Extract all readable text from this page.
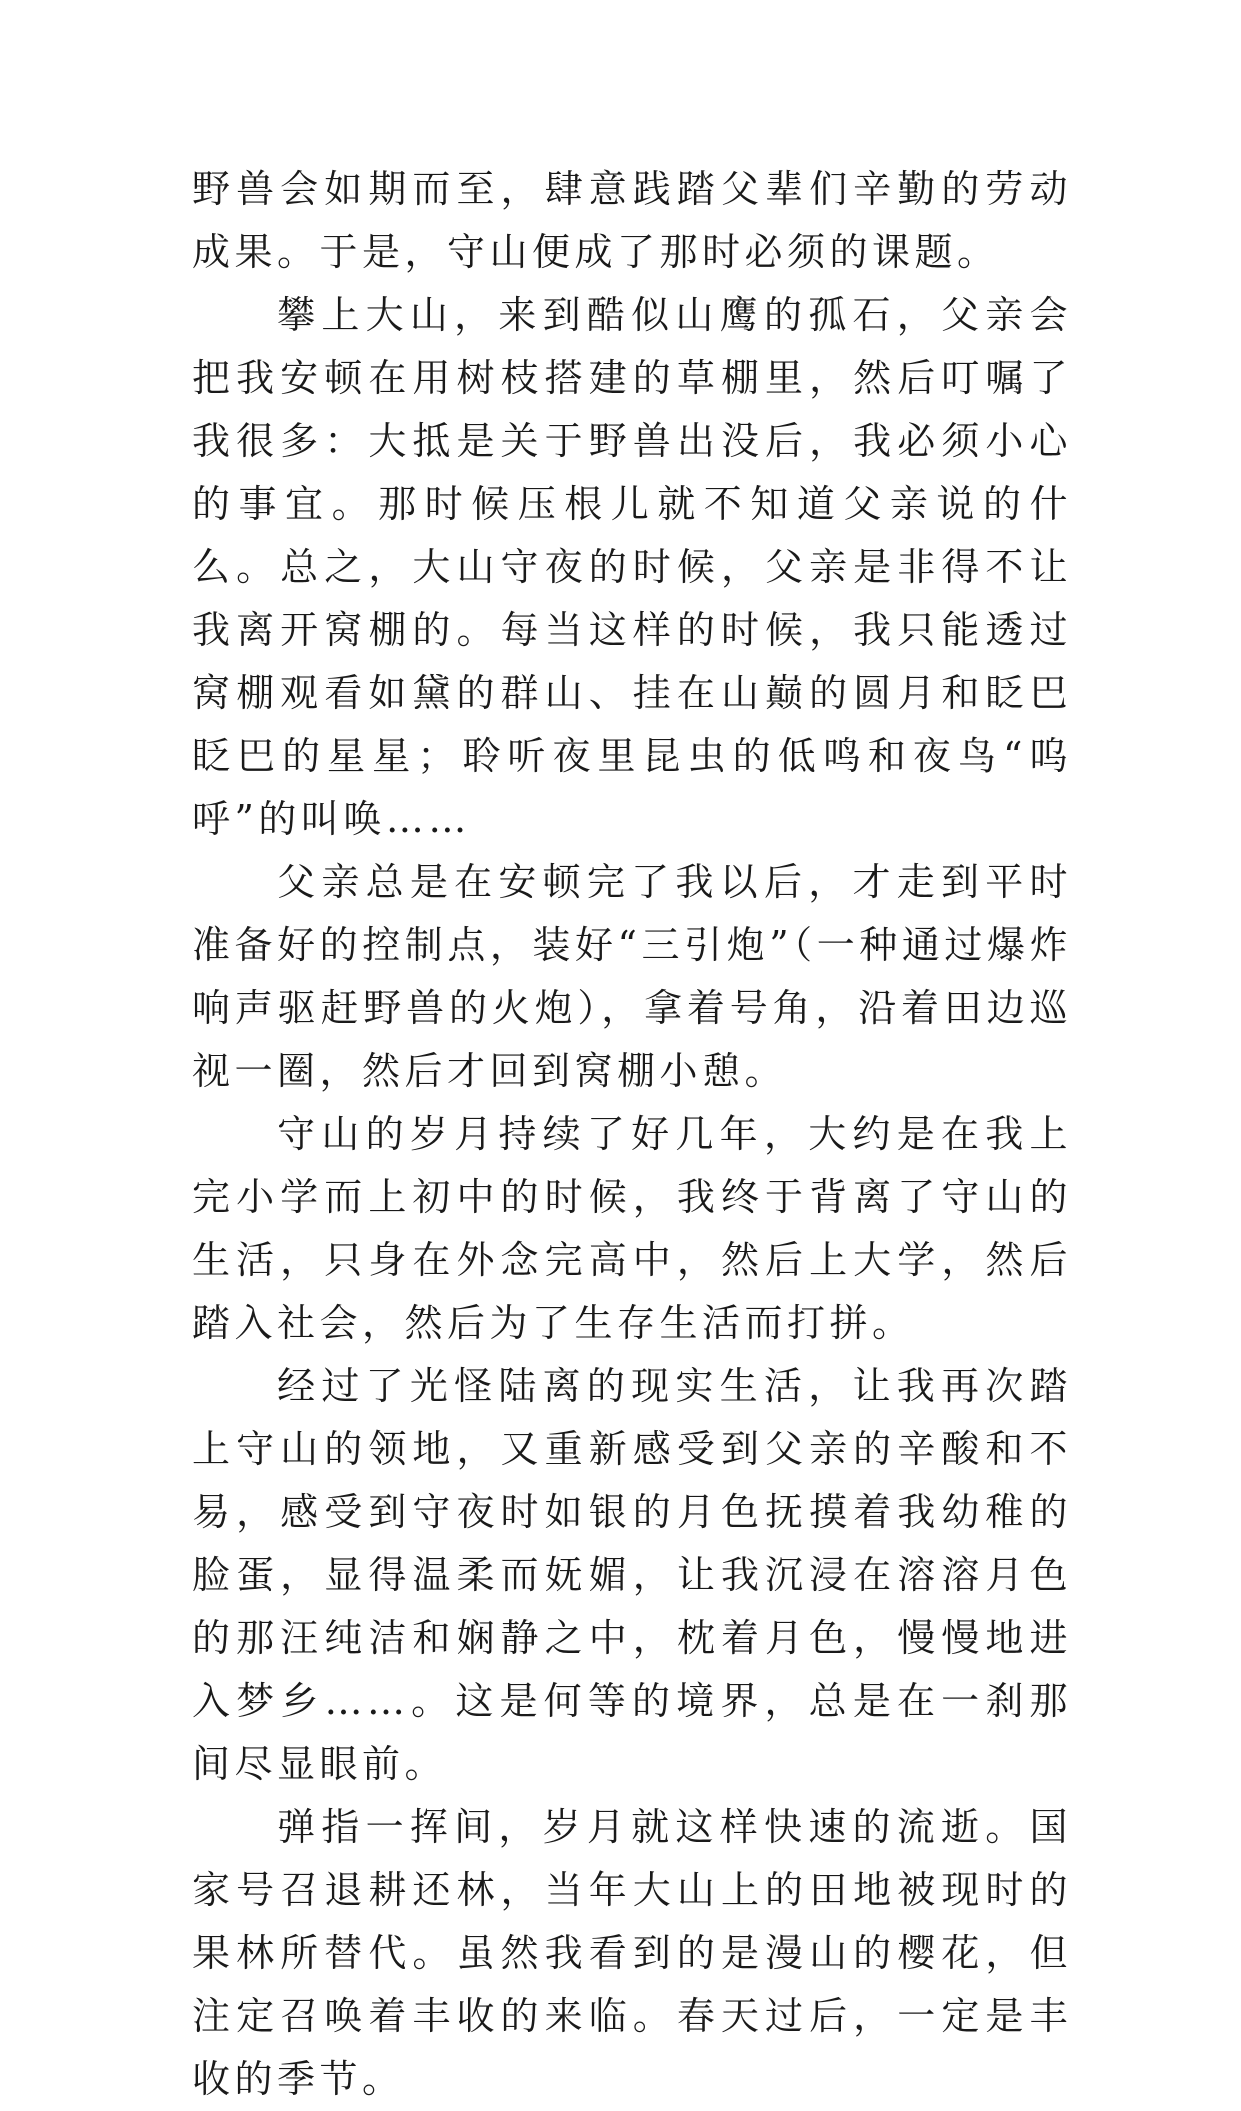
野兽会如期而至，肆意践踏父辈们辛勤的劳动成果。于是，守山便成了那时必须的课题。

攀上大山，来到酷似山鹰的孤石，父亲会把我安顿在用树枝搭建的草棚里，然后叮嘱了我很多：大抵是关于野兽出没后，我必须小心的事宜。那时候压根儿就不知道父亲说的什么。总之，大山守夜的时候，父亲是非得不让我离开窝棚的。每当这样的时候，我只能透过窝棚观看如黛的群山、挂在山巅的圆月和眨巴眨巴的星星；聆听夜里昆虫的低鸣和夜鸟“呜呼”的叫唤……

父亲总是在安顿完了我以后，才走到平时准备好的控制点，装好“三引炮”（一种通过爆炸响声驱赶野兽的火炮），拿着号角，沿着田边巡视一圈，然后才回到窝棚小憩。

守山的岁月持续了好几年，大约是在我上完小学而上初中的时候，我终于背离了守山的生活，只身在外念完高中，然后上大学，然后踏入社会，然后为了生存生活而打拼。

经过了光怪陆离的现实生活，让我再次踏上守山的领地，又重新感受到父亲的辛酸和不易，感受到守夜时如银的月色抚摸着我幼稚的脸蛋，显得温柔而妩媚，让我沉浸在溶溶月色的那汪纯洁和娴静之中，枕着月色，慢慢地进入梦乡……。这是何等的境界，总是在一刹那间尽显眼前。

弹指一挥间，岁月就这样快速的流逝。国家号召退耕还林，当年大山上的田地被现时的果林所替代。虽然我看到的是漫山的樱花，但注定召唤着丰收的来临。春天过后，一定是丰收的季节。
